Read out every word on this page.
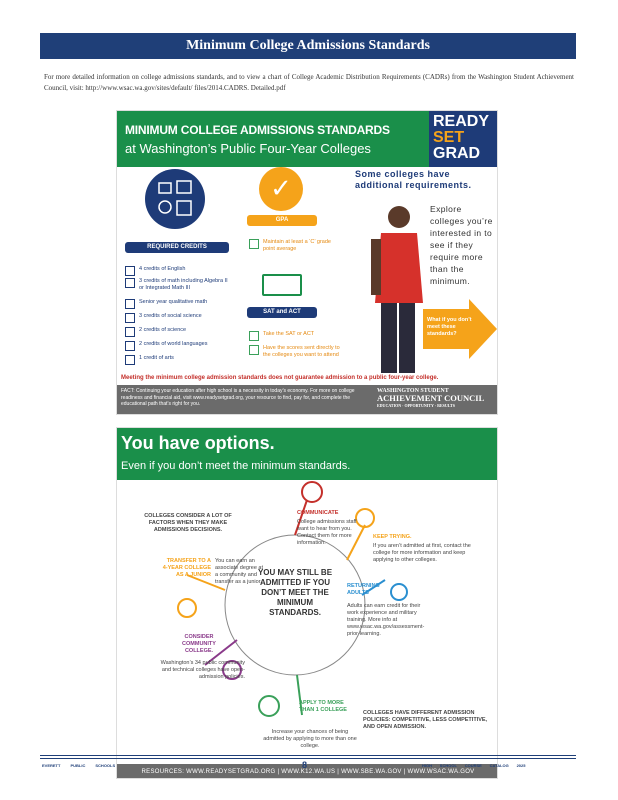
Minimum College Admissions Standards
For more detailed information on college admissions standards, and to view a chart of College Academic Distribution Requirements (CADRs) from the Washington Student Achievement Council, visit: http://www.wsac.wa.gov/sites/default/ files/2014.CADRS. Detailed.pdf
MINIMUM COLLEGE ADMISSIONS STANDARDS
at Washington’s Public Four-Year Colleges
READY
SET
GRAD
✓
GPA
Maintain at least a ‘C’ grade point average
REQUIRED CREDITS
4 credits of English
3 credits of math including Algebra II or Integrated Math III
Senior year qualitative math
3 credits of social science
2 credits of science
2 credits of world languages
1 credit of arts
SAT and ACT
Take the SAT or ACT
Have the scores sent directly to the colleges you want to attend
Some colleges have additional requirements.
Explore colleges you’re interested in to see if they require more than the minimum.
What if you don’t meet these standards?
Meeting the minimum college admission standards does not guarantee admission to a public four-year college.
FACT: Continuing your education after high school is a necessity in today’s economy. For more on college readiness and financial aid, visit www.readysetgrad.org, your resource to find, pay for, and complete the educational path that’s right for you.
WASHINGTON STUDENT
ACHIEVEMENT COUNCIL
EDUCATION · OPPORTUNITY · RESULTS
You have options.
Even if you don’t meet the minimum standards.
COLLEGES CONSIDER A LOT OF FACTORS WHEN THEY MAKE ADMISSIONS DECISIONS.
COMMUNICATE
College admissions staff want to hear from you. Contact them for more information.
KEEP TRYING.
If you aren’t admitted at first, contact the college for more information and keep applying to other colleges.
RETURNING ADULTS
Adults can earn credit for their work experience and military training. More info at www.wsac.wa.gov/assessment-prior-learning.
TRANSFER TO A 4-YEAR COLLEGE AS A JUNIOR
You can earn an associate degree at a community and transfer as a junior.
YOU MAY STILL BE ADMITTED IF YOU DON’T MEET THE MINIMUM STANDARDS.
CONSIDER COMMUNITY COLLEGE.
Washington’s 34 public community and technical colleges have open-admission policies.
APPLY TO MORE THAN 1 COLLEGE
Increase your chances of being admitted by applying to more than one college.
COLLEGES HAVE DIFFERENT ADMISSION POLICIES: COMPETITIVE, LESS COMPETITIVE, AND OPEN ADMISSION.
RESOURCES: WWW.READYSETGRAD.ORG | WWW.K12.WA.US | WWW.SBE.WA.GOV | WWW.WSAC.WA.GOV
EVERETT	PUBLIC	SCHOOLS	8	HIGH SCHOOL COURSE CATALOG 2025
